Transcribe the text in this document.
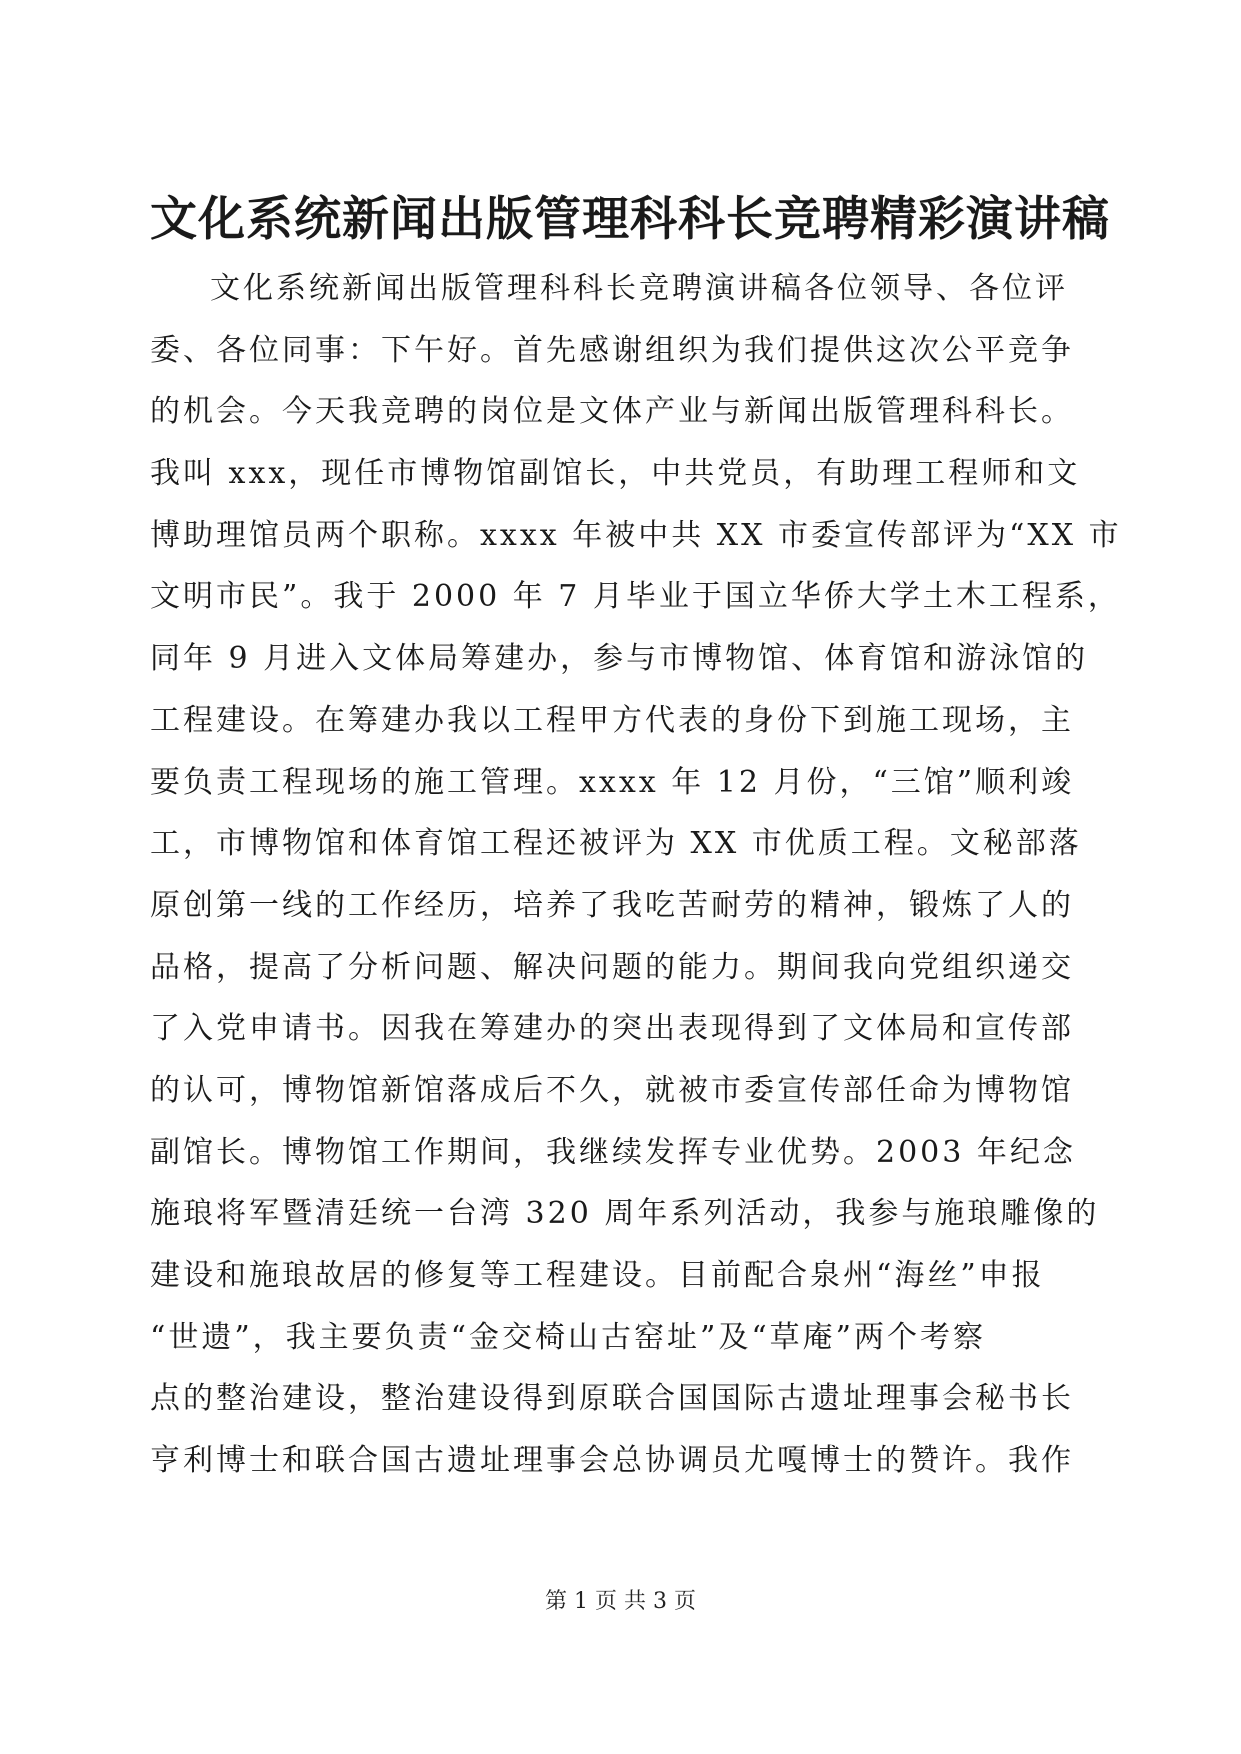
文化系统新闻出版管理科科长竞聘精彩演讲稿
文化系统新闻出版管理科科长竞聘演讲稿各位领导、各位评
委、各位同事：下午好。首先感谢组织为我们提供这次公平竞争
的机会。今天我竞聘的岗位是文体产业与新闻出版管理科科长。
我叫 xxx，现任市博物馆副馆长，中共党员，有助理工程师和文
博助理馆员两个职称。xxxx 年被中共 XX 市委宣传部评为“XX 市
文明市民”。我于 2000 年 7 月毕业于国立华侨大学土木工程系，
同年 9 月进入文体局筹建办，参与市博物馆、体育馆和游泳馆的
工程建设。在筹建办我以工程甲方代表的身份下到施工现场，主
要负责工程现场的施工管理。xxxx 年 12 月份，“三馆”顺利竣
工，市博物馆和体育馆工程还被评为 XX 市优质工程。文秘部落
原创第一线的工作经历，培养了我吃苦耐劳的精神，锻炼了人的
品格，提高了分析问题、解决问题的能力。期间我向党组织递交
了入党申请书。因我在筹建办的突出表现得到了文体局和宣传部
的认可，博物馆新馆落成后不久，就被市委宣传部任命为博物馆
副馆长。博物馆工作期间，我继续发挥专业优势。2003 年纪念
施琅将军暨清廷统一台湾 320 周年系列活动，我参与施琅雕像的
建设和施琅故居的修复等工程建设。目前配合泉州“海丝”申报
“世遗”，我主要负责“金交椅山古窑址”及“草庵”两个考察
点的整治建设，整治建设得到原联合国国际古遗址理事会秘书长
亨利博士和联合国古遗址理事会总协调员尤嘎博士的赞许。我作
第 1 页 共 3 页
